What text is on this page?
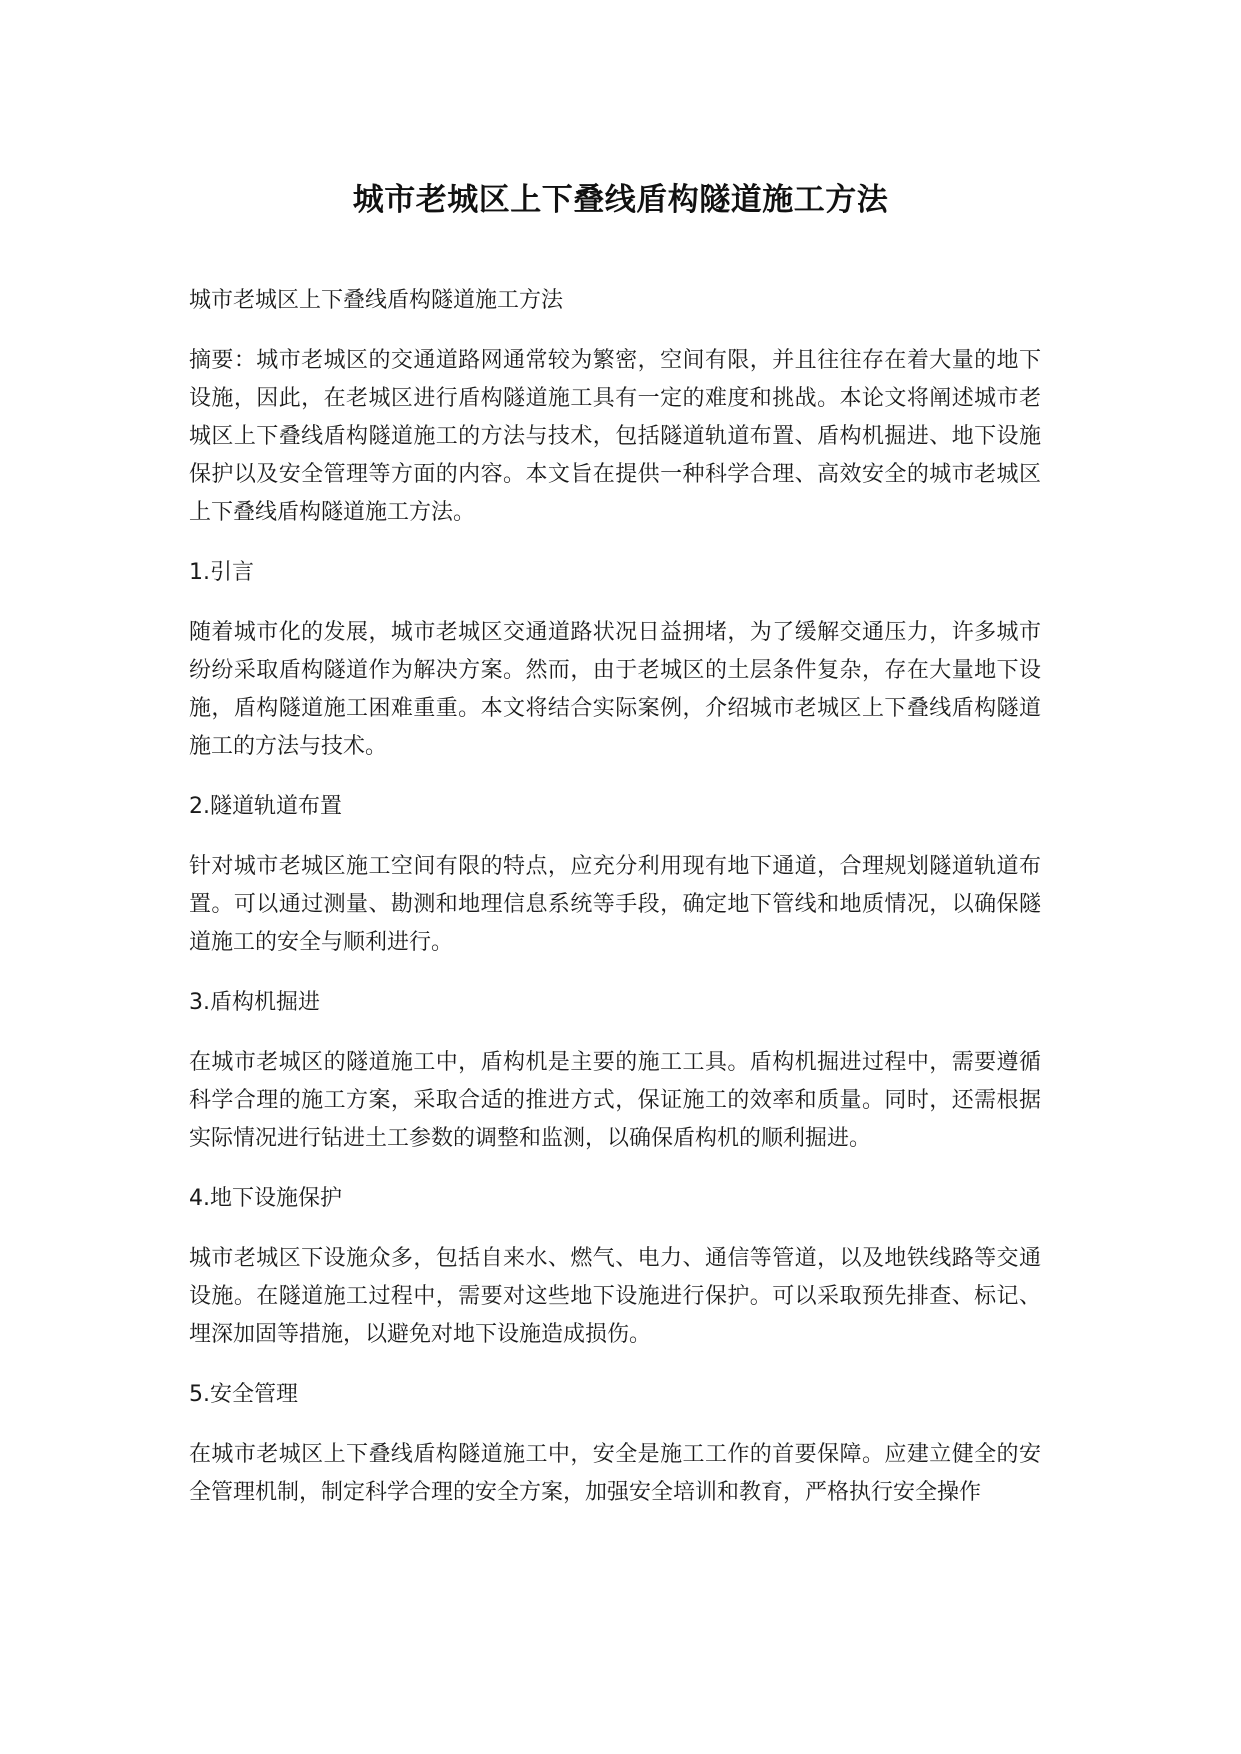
城市老城区上下叠线盾构隧道施工方法

城市老城区上下叠线盾构隧道施工方法

摘要：城市老城区的交通道路网通常较为繁密，空间有限，并且往往存在着大量的地下设施，因此，在老城区进行盾构隧道施工具有一定的难度和挑战。本论文将阐述城市老城区上下叠线盾构隧道施工的方法与技术，包括隧道轨道布置、盾构机掘进、地下设施保护以及安全管理等方面的内容。本文旨在提供一种科学合理、高效安全的城市老城区上下叠线盾构隧道施工方法。

1.引言

随着城市化的发展，城市老城区交通道路状况日益拥堵，为了缓解交通压力，许多城市纷纷采取盾构隧道作为解决方案。然而，由于老城区的土层条件复杂，存在大量地下设施，盾构隧道施工困难重重。本文将结合实际案例，介绍城市老城区上下叠线盾构隧道施工的方法与技术。

2.隧道轨道布置

针对城市老城区施工空间有限的特点，应充分利用现有地下通道，合理规划隧道轨道布置。可以通过测量、勘测和地理信息系统等手段，确定地下管线和地质情况，以确保隧道施工的安全与顺利进行。

3.盾构机掘进

在城市老城区的隧道施工中，盾构机是主要的施工工具。盾构机掘进过程中，需要遵循科学合理的施工方案，采取合适的推进方式，保证施工的效率和质量。同时，还需根据实际情况进行钻进土工参数的调整和监测，以确保盾构机的顺利掘进。

4.地下设施保护

城市老城区下设施众多，包括自来水、燃气、电力、通信等管道，以及地铁线路等交通设施。在隧道施工过程中，需要对这些地下设施进行保护。可以采取预先排查、标记、埋深加固等措施，以避免对地下设施造成损伤。

5.安全管理

在城市老城区上下叠线盾构隧道施工中，安全是施工工作的首要保障。应建立健全的安全管理机制，制定科学合理的安全方案，加强安全培训和教育，严格执行安全操作
